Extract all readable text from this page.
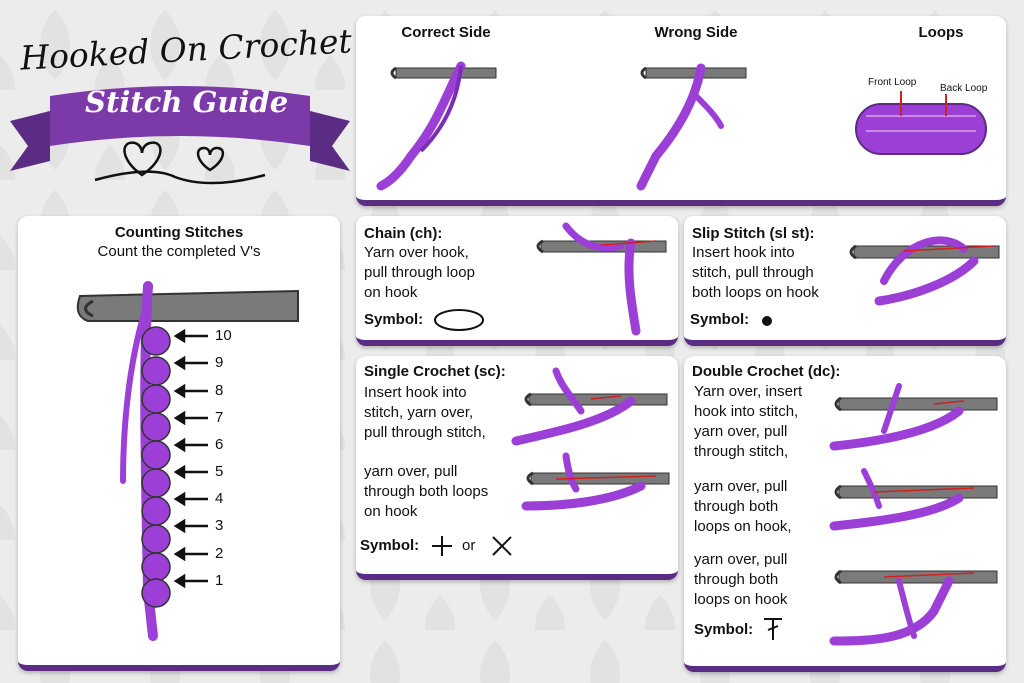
Hooked On Crochet
Stitch Guide
Correct Side	Wrong Side	Loops
Front Loop
Back Loop
Counting Stitches
Count the completed V's
10
9
8
7
6
5
4
3
2
1
Chain (ch):
Yarn over hook,
pull through loop
on hook
Symbol:
Slip Stitch (sl st):
Insert hook into
stitch, pull through
both loops on hook
Symbol:
Single Crochet (sc):
Insert hook into
stitch, yarn over,
pull through stitch,
yarn over, pull
through both loops
on hook
Symbol:	or
Double Crochet (dc):
Yarn over, insert
hook into stitch,
yarn over, pull
through stitch,
yarn over, pull
through both
loops on hook,
yarn over, pull
through both
loops on hook
Symbol:
